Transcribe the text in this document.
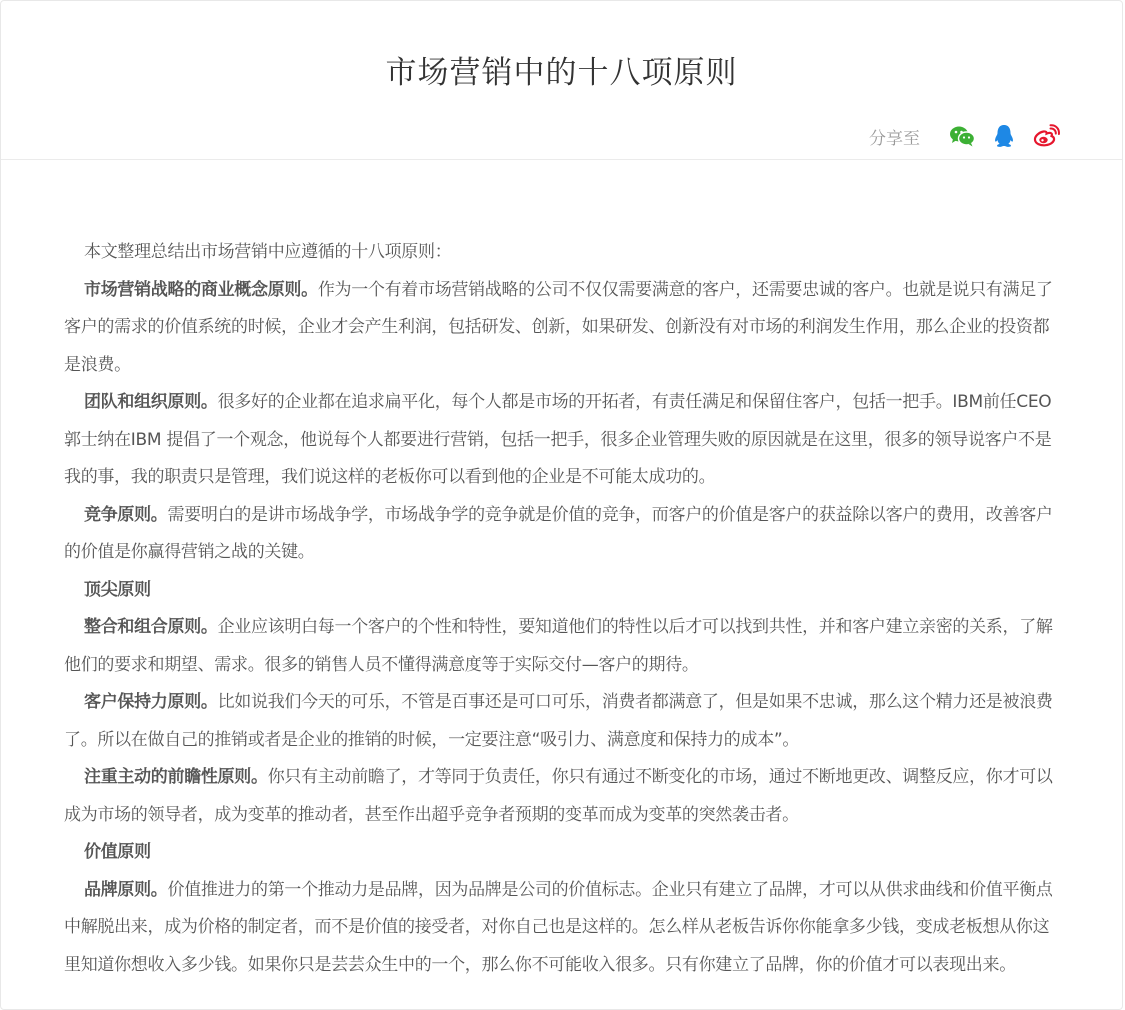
市场营销中的十八项原则
分享至

本文整理总结出市场营销中应遵循的十八项原则：

市场营销战略的商业概念原则。作为一个有着市场营销战略的公司不仅仅需要满意的客户，还需要忠诚的客户。也就是说只有满足了客户的需求的价值系统的时候，企业才会产生利润，包括研发、创新，如果研发、创新没有对市场的利润发生作用，那么企业的投资都是浪费。

团队和组织原则。很多好的企业都在追求扁平化，每个人都是市场的开拓者，有责任满足和保留住客户，包括一把手。IBM前任CEO郭士纳在IBM 提倡了一个观念，他说每个人都要进行营销，包括一把手，很多企业管理失败的原因就是在这里，很多的领导说客户不是我的事，我的职责只是管理，我们说这样的老板你可以看到他的企业是不可能太成功的。

竞争原则。需要明白的是讲市场战争学，市场战争学的竞争就是价值的竞争，而客户的价值是客户的获益除以客户的费用，改善客户的价值是你赢得营销之战的关键。

顶尖原则

整合和组合原则。企业应该明白每一个客户的个性和特性，要知道他们的特性以后才可以找到共性，并和客户建立亲密的关系，了解他们的要求和期望、需求。很多的销售人员不懂得满意度等于实际交付—客户的期待。

客户保持力原则。比如说我们今天的可乐，不管是百事还是可口可乐，消费者都满意了，但是如果不忠诚，那么这个精力还是被浪费了。所以在做自己的推销或者是企业的推销的时候，一定要注意“吸引力、满意度和保持力的成本”。

注重主动的前瞻性原则。你只有主动前瞻了，才等同于负责任，你只有通过不断变化的市场，通过不断地更改、调整反应，你才可以成为市场的领导者，成为变革的推动者，甚至作出超乎竞争者预期的变革而成为变革的突然袭击者。

价值原则

品牌原则。价值推进力的第一个推动力是品牌，因为品牌是公司的价值标志。企业只有建立了品牌，才可以从供求曲线和价值平衡点中解脱出来，成为价格的制定者，而不是价值的接受者，对你自己也是这样的。怎么样从老板告诉你你能拿多少钱，变成老板想从你这里知道你想收入多少钱。如果你只是芸芸众生中的一个，那么你不可能收入很多。只有你建立了品牌，你的价值才可以表现出来。
